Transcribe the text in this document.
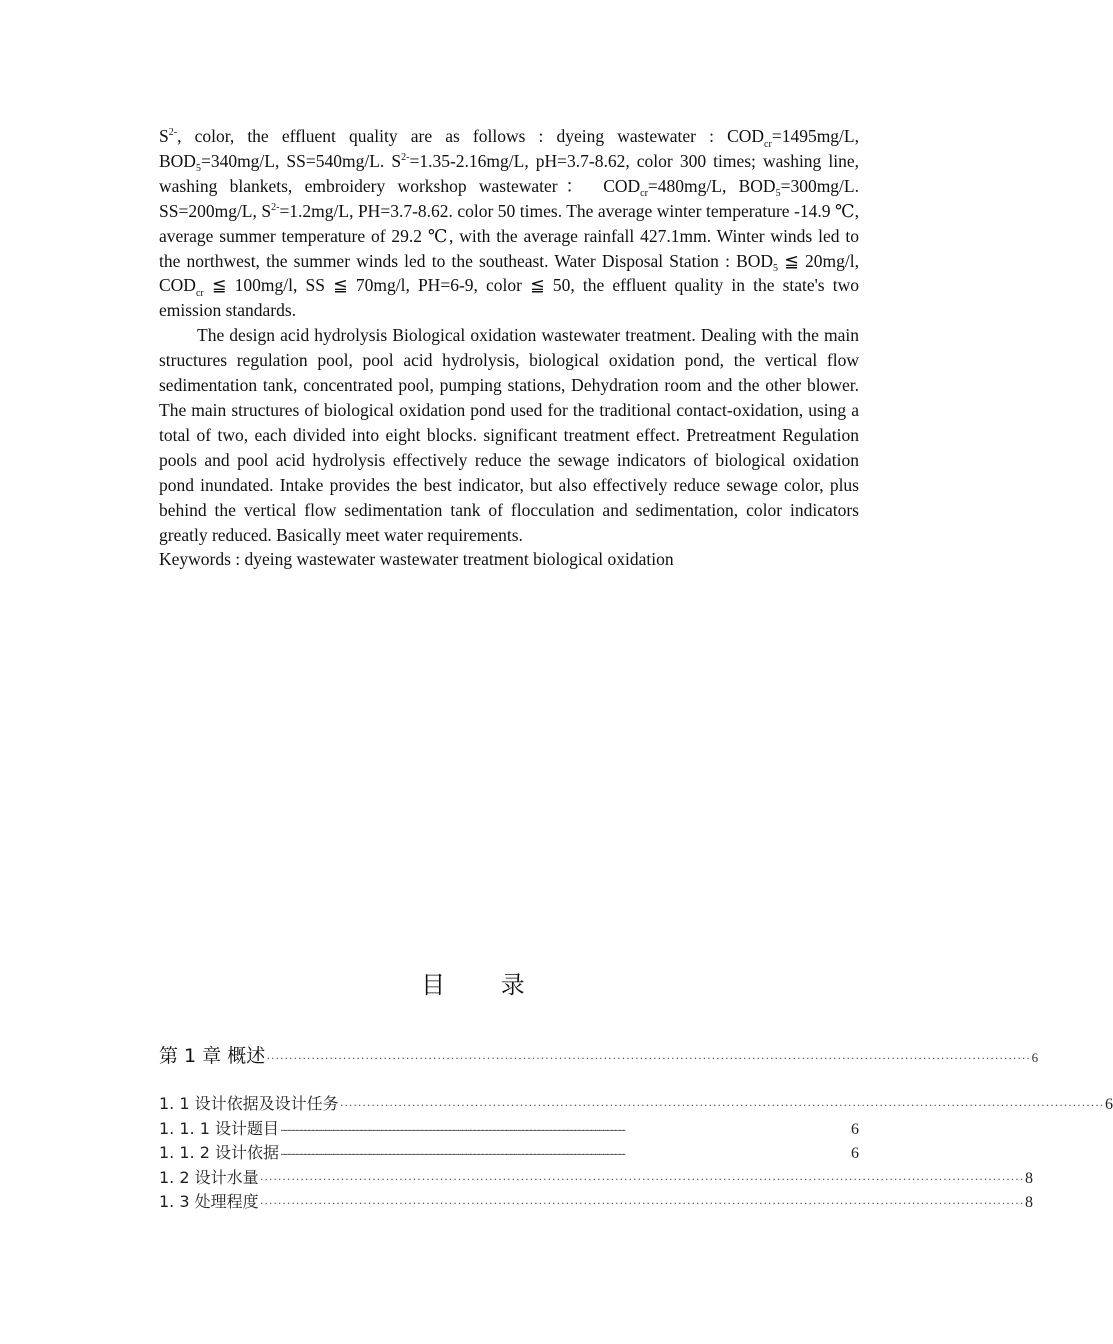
$S^{2-}$, color, the effluent quality are as follows : dyeing wastewater : $COD_{cr}=1495mg/L$, $BOD_5=340mg/L$, SS=540mg/L. $S^{2-}=1.35-2.16mg/L$, pH=3.7-8.62, color 300 times; washing line, washing blankets, embroidery workshop wastewater： $COD_{cr}=480mg/L$, $BOD_5=300mg/L$. SS=200mg/L, $S^{2-}=1.2mg/L$, PH=3.7-8.62. color 50 times. The average winter temperature -14.9 ℃, average summer temperature of 29.2 ℃, with the average rainfall 427.1mm. Winter winds led to the northwest, the summer winds led to the southeast. Water Disposal Station : $BOD_5$ ≦ 20mg/l, $COD_{cr}$ ≦ 100mg/l, SS ≦ 70mg/l, PH=6-9, color ≦ 50, the effluent quality in the state's two emission standards.

The design acid hydrolysis Biological oxidation wastewater treatment. Dealing with the main structures regulation pool, pool acid hydrolysis, biological oxidation pond, the vertical flow sedimentation tank, concentrated pool, pumping stations, Dehydration room and the other blower. The main structures of biological oxidation pond used for the traditional contact-oxidation, using a total of two, each divided into eight blocks. significant treatment effect. Pretreatment Regulation pools and pool acid hydrolysis effectively reduce the sewage indicators of biological oxidation pond inundated. Intake provides the best indicator, but also effectively reduce sewage color, plus behind the vertical flow sedimentation tank of flocculation and sedimentation, color indicators greatly reduced. Basically meet water requirements.

Keywords : dyeing wastewater wastewater treatment biological oxidation

目 录
第 1 章 概述 ·········································································································································································· 6
1. 1 设计依据及设计任务 ·········································································································································································· 6
1. 1. 1 设计题目 ···································································································································································································································································	6
1. 1. 2 设计依据 ···································································································································································································································································	6
1. 2 设计水量 ·········································································································································································· 8
1. 3 处理程度 ·········································································································································································· 8
